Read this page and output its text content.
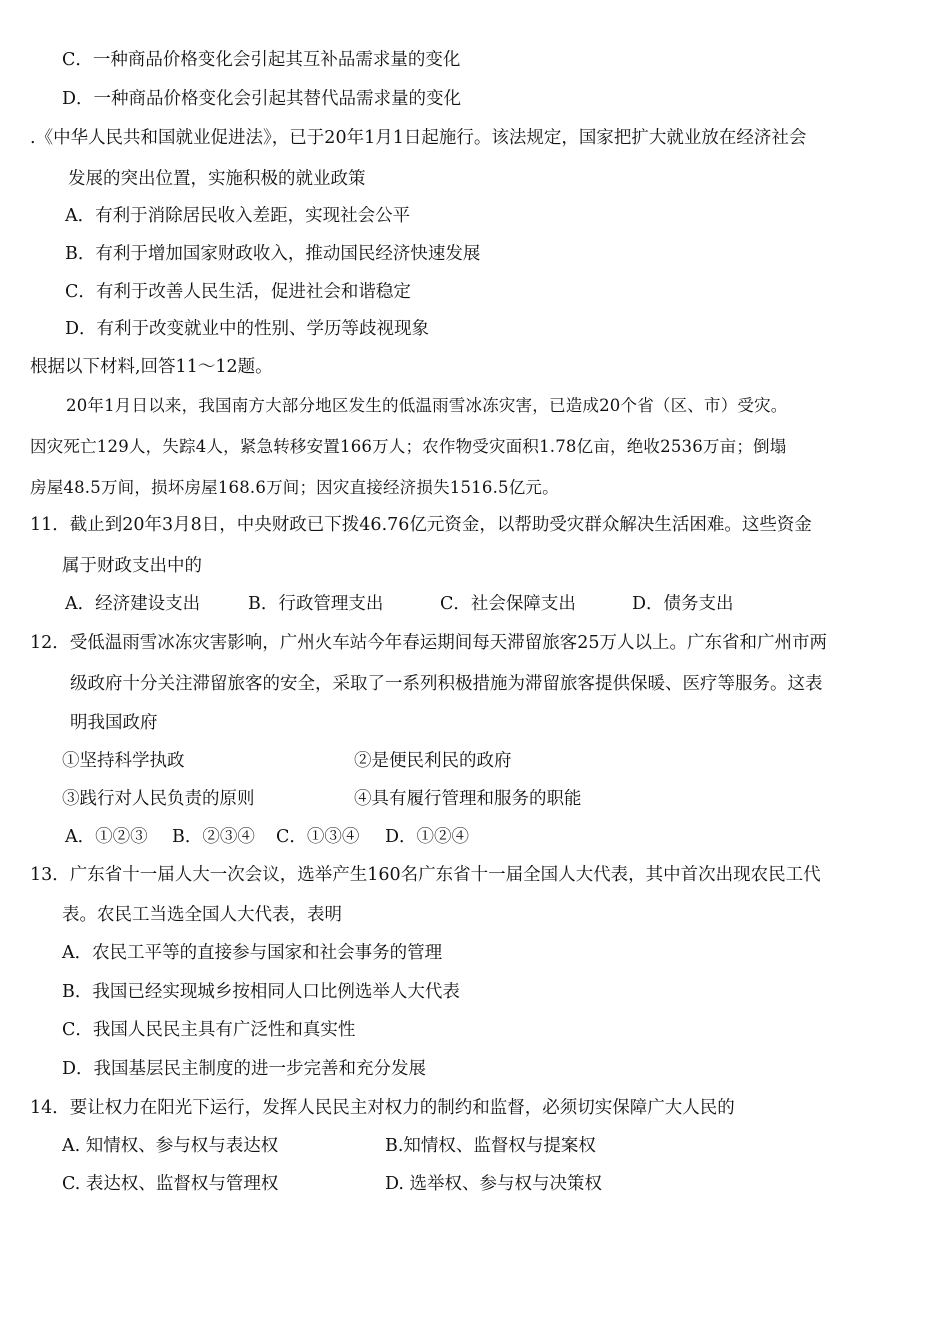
C．一种商品价格变化会引起其互补品需求量的变化
D．一种商品价格变化会引起其替代品需求量的变化
.《中华人民共和国就业促进法》，已于20年1月1日起施行。该法规定，国家把扩大就业放在经济社会
发展的突出位置，实施积极的就业政策
A．有利于消除居民收入差距，实现社会公平
B．有利于增加国家财政收入，推动国民经济快速发展
C．有利于改善人民生活，促进社会和谐稳定
D．有利于改变就业中的性别、学历等歧视现象
根据以下材料,回答11～12题。
20年1月日以来，我国南方大部分地区发生的低温雨雪冰冻灾害，已造成20个省（区、市）受灾。
因灾死亡129人，失踪4人，紧急转移安置166万人；农作物受灾面积1.78亿亩，绝收2536万亩；倒塌
房屋48.5万间，损坏房屋168.6万间；因灾直接经济损失1516.5亿元。
11．截止到20年3月8日，中央财政已下拨46.76亿元资金，以帮助受灾群众解决生活困难。这些资金
属于财政支出中的
A．经济建设支出	B．行政管理支出	C．社会保障支出	D．债务支出
12．受低温雨雪冰冻灾害影响，广州火车站今年春运期间每天滞留旅客25万人以上。广东省和广州市两
级政府十分关注滞留旅客的安全，采取了一系列积极措施为滞留旅客提供保暖、医疗等服务。这表
明我国政府
①坚持科学执政	②是便民利民的政府
③践行对人民负责的原则	④具有履行管理和服务的职能
A．①②③ B．②③④ C．①③④ D．①②④
13．广东省十一届人大一次会议，选举产生160名广东省十一届全国人大代表，其中首次出现农民工代
表。农民工当选全国人大代表，表明
A．农民工平等的直接参与国家和社会事务的管理
B．我国已经实现城乡按相同人口比例选举人大代表
C．我国人民民主具有广泛性和真实性
D．我国基层民主制度的进一步完善和充分发展
14．要让权力在阳光下运行，发挥人民民主对权力的制约和监督，必须切实保障广大人民的
A. 知情权、参与权与表达权	B.知情权、监督权与提案权
C. 表达权、监督权与管理权	D. 选举权、参与权与决策权
